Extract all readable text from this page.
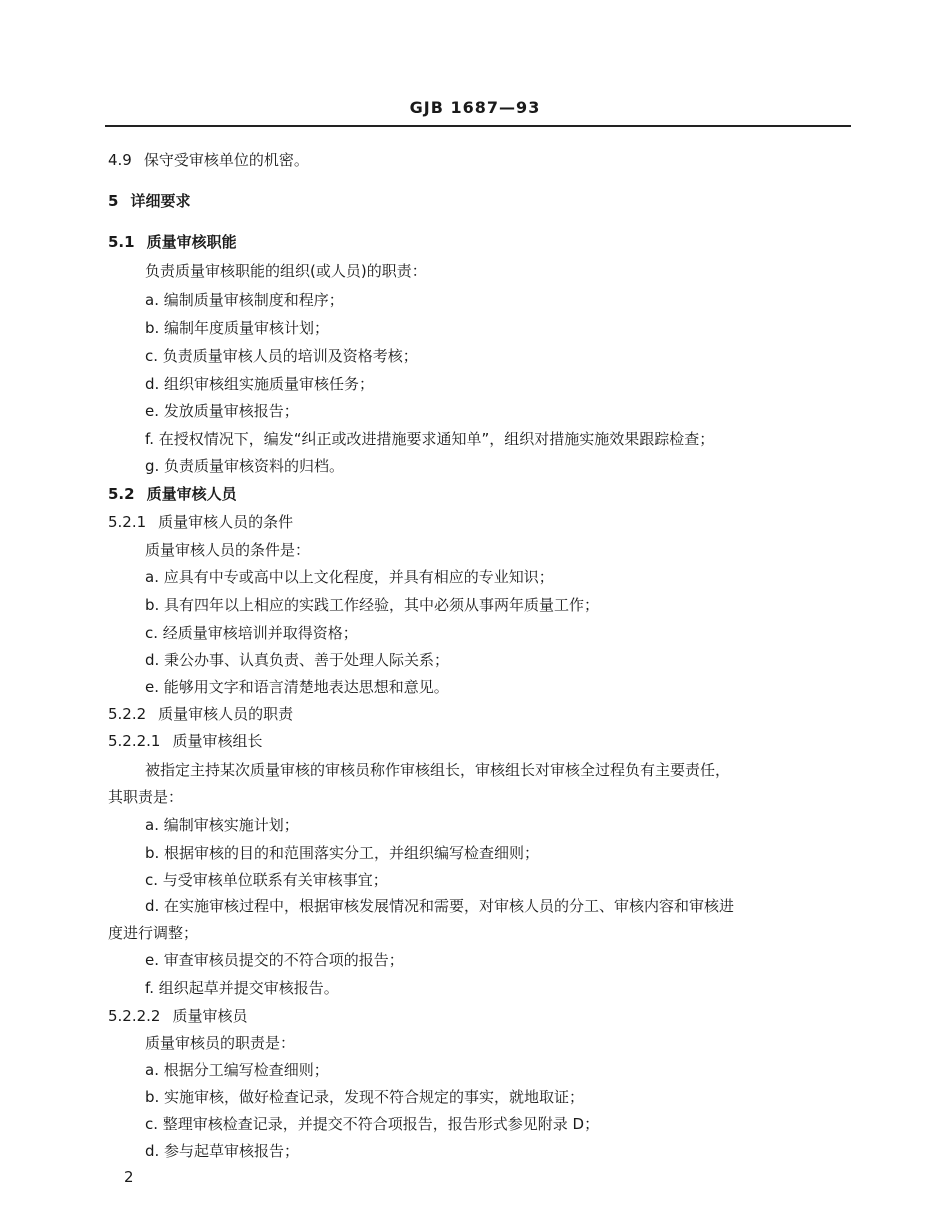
GJB 1687—93
4.9 保守受审核单位的机密。
5 详细要求
5.1 质量审核职能
负责质量审核职能的组织(或人员)的职责：
a. 编制质量审核制度和程序；
b. 编制年度质量审核计划；
c. 负责质量审核人员的培训及资格考核；
d. 组织审核组实施质量审核任务；
e. 发放质量审核报告；
f. 在授权情况下，编发“纠正或改进措施要求通知单”，组织对措施实施效果跟踪检查；
g. 负责质量审核资料的归档。
5.2 质量审核人员
5.2.1 质量审核人员的条件
质量审核人员的条件是：
a. 应具有中专或高中以上文化程度，并具有相应的专业知识；
b. 具有四年以上相应的实践工作经验，其中必须从事两年质量工作；
c. 经质量审核培训并取得资格；
d. 秉公办事、认真负责、善于处理人际关系；
e. 能够用文字和语言清楚地表达思想和意见。
5.2.2 质量审核人员的职责
5.2.2.1 质量审核组长
被指定主持某次质量审核的审核员称作审核组长，审核组长对审核全过程负有主要责任，
其职责是：
a. 编制审核实施计划；
b. 根据审核的目的和范围落实分工，并组织编写检查细则；
c. 与受审核单位联系有关审核事宜；
d. 在实施审核过程中，根据审核发展情况和需要，对审核人员的分工、审核内容和审核进
度进行调整；
e. 审查审核员提交的不符合项的报告；
f. 组织起草并提交审核报告。
5.2.2.2 质量审核员
质量审核员的职责是：
a. 根据分工编写检查细则；
b. 实施审核，做好检查记录，发现不符合规定的事实，就地取证；
c. 整理审核检查记录，并提交不符合项报告，报告形式参见附录 D；
d. 参与起草审核报告；
2
